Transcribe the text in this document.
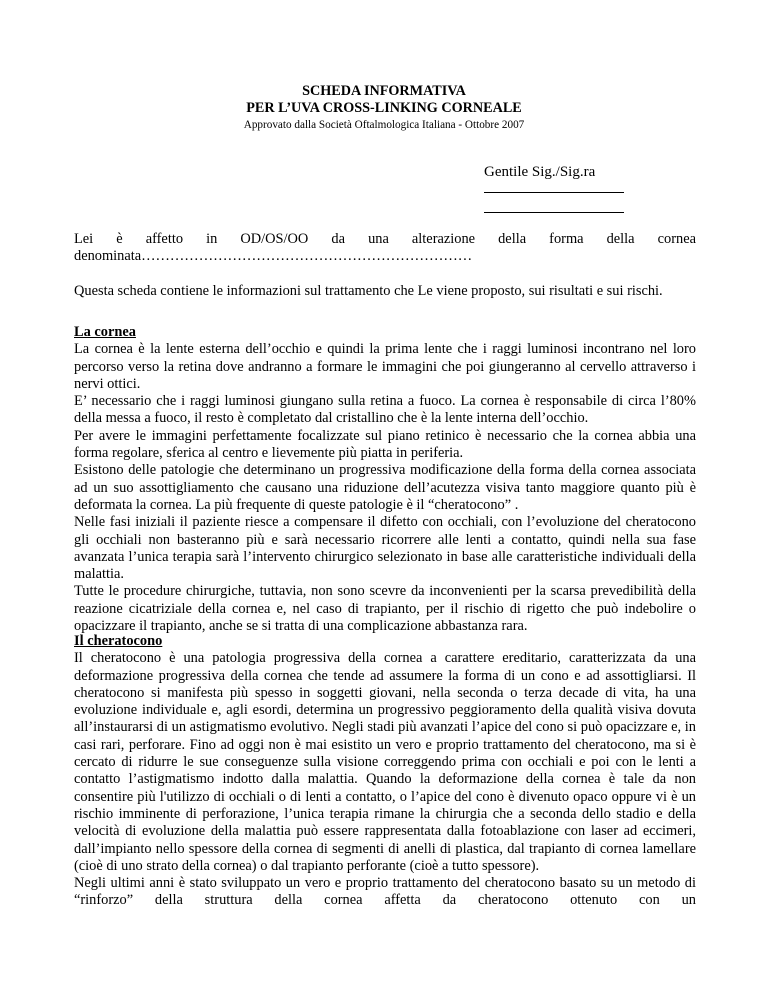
SCHEDA INFORMATIVA
PER L’UVA CROSS-LINKING CORNEALE
Approvato dalla Società Oftalmologica Italiana - Ottobre 2007
Gentile Sig./Sig.ra

Lei è affetto in OD/OS/OO da una alterazione della forma della cornea

denominata……………………………………………………………

Questa scheda contiene le informazioni sul trattamento che Le viene proposto, sui risultati e sui rischi.

La cornea

La cornea è la lente esterna dell’occhio e quindi la prima lente che i raggi luminosi incontrano nel loro percorso verso la retina dove andranno a formare le immagini che poi giungeranno al cervello attraverso i nervi ottici.

E’ necessario che i raggi luminosi giungano sulla retina a fuoco. La cornea è responsabile di circa l’80% della messa a fuoco, il resto è completato dal cristallino che è la lente interna dell’occhio.

Per avere le immagini perfettamente focalizzate sul piano retinico è necessario che la cornea abbia una forma regolare, sferica al centro e lievemente più piatta in periferia.

Esistono delle patologie che determinano un progressiva modificazione della forma della cornea associata ad un suo assottigliamento che causano una riduzione dell’acutezza visiva tanto maggiore quanto più è deformata la cornea. La più frequente di queste patologie è il “cheratocono” .

Nelle fasi iniziali il paziente riesce a compensare il difetto con occhiali, con l’evoluzione del cheratocono gli occhiali non basteranno più e sarà necessario ricorrere alle lenti a contatto, quindi nella sua fase avanzata l’unica terapia sarà l’intervento chirurgico selezionato in base alle caratteristiche individuali della malattia.

Tutte le procedure chirurgiche, tuttavia, non sono scevre da inconvenienti per la scarsa prevedibilità della reazione cicatriziale della cornea e, nel caso di trapianto, per il rischio di rigetto che può indebolire o opacizzare il trapianto, anche se si tratta di una complicazione abbastanza rara.

Il cheratocono

Il cheratocono è una patologia progressiva della cornea a carattere ereditario, caratterizzata da una deformazione progressiva della cornea che tende ad assumere la forma di un cono e ad assottigliarsi. Il cheratocono si manifesta più spesso in soggetti giovani, nella seconda o terza decade di vita, ha una evoluzione individuale e, agli esordi, determina un progressivo peggioramento della qualità visiva dovuta all’instaurarsi di un astigmatismo evolutivo. Negli stadi più avanzati l’apice del cono si può opacizzare e, in casi rari, perforare. Fino ad oggi non è mai esistito un vero e proprio trattamento del cheratocono, ma si è cercato di ridurre le sue conseguenze sulla visione correggendo prima con occhiali e poi con le lenti a contatto l’astigmatismo indotto dalla malattia. Quando la deformazione della cornea è tale da non consentire più l'utilizzo di occhiali o di lenti a contatto, o l’apice del cono è divenuto opaco oppure vi è un rischio imminente di perforazione, l’unica terapia rimane la chirurgia che a seconda dello stadio e della velocità di evoluzione della malattia può essere rappresentata dalla fotoablazione con laser ad eccimeri, dall’impianto nello spessore della cornea di segmenti di anelli di plastica, dal trapianto di cornea lamellare (cioè di uno strato della cornea) o dal trapianto perforante (cioè a tutto spessore).

Negli ultimi anni è stato sviluppato un vero e proprio trattamento del cheratocono basato su un metodo di “rinforzo” della struttura della cornea affetta da cheratocono ottenuto con un
